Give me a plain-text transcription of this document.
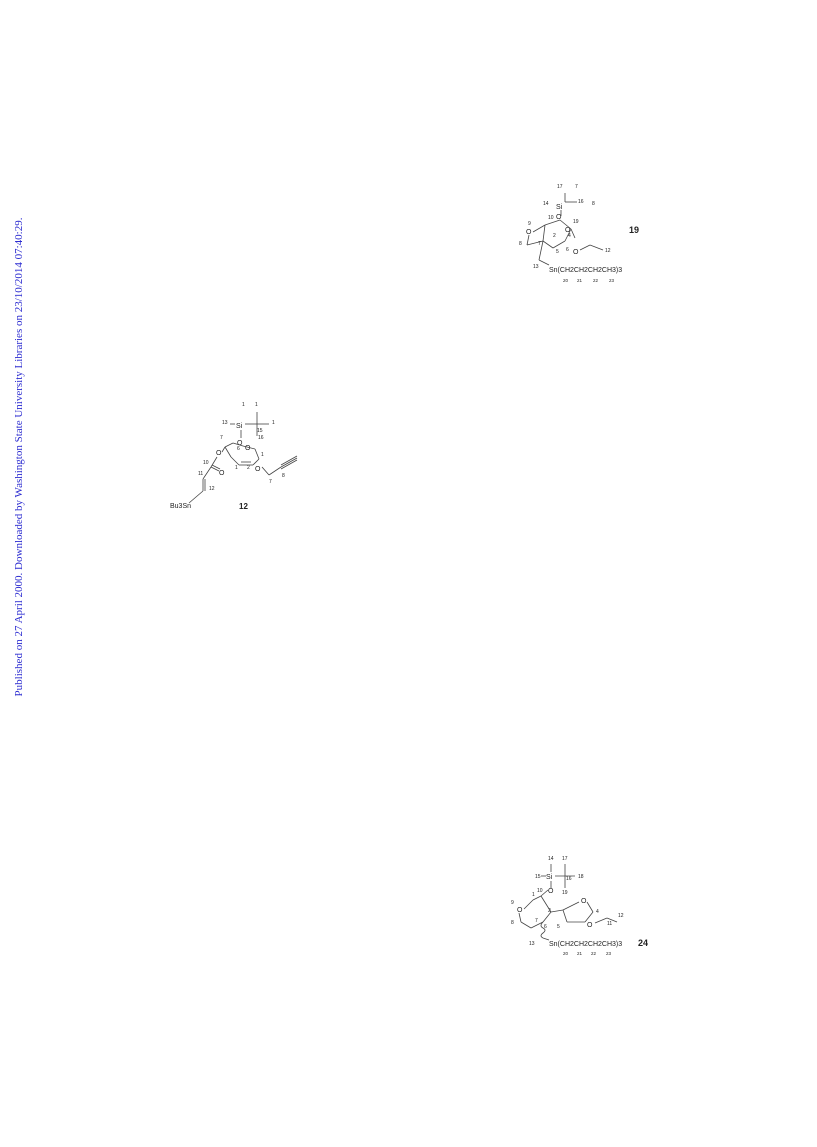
Published on 27 April 2000. Downloaded by Washington State University Libraries on 23/10/2014 07:40:29.
17 7
14 Si
16 8
9
O
O
10
19
O
8	7
2 4
6
5 O	12
13 Sn(CH2CH2CH2CH3)3
20 21 22 23
19
1 1
13 Si
15
1
16
O
7
6 O
1
1 2 O
7
8
O
10
11 O
12
Bu3Sn	12
14 17
15 Si	16 18
O
10	19
9
O
1
O
2	4
8	7
6 5	O	11
12
13 Sn(CH2CH2CH2CH3)3
20 21 22 23
24
